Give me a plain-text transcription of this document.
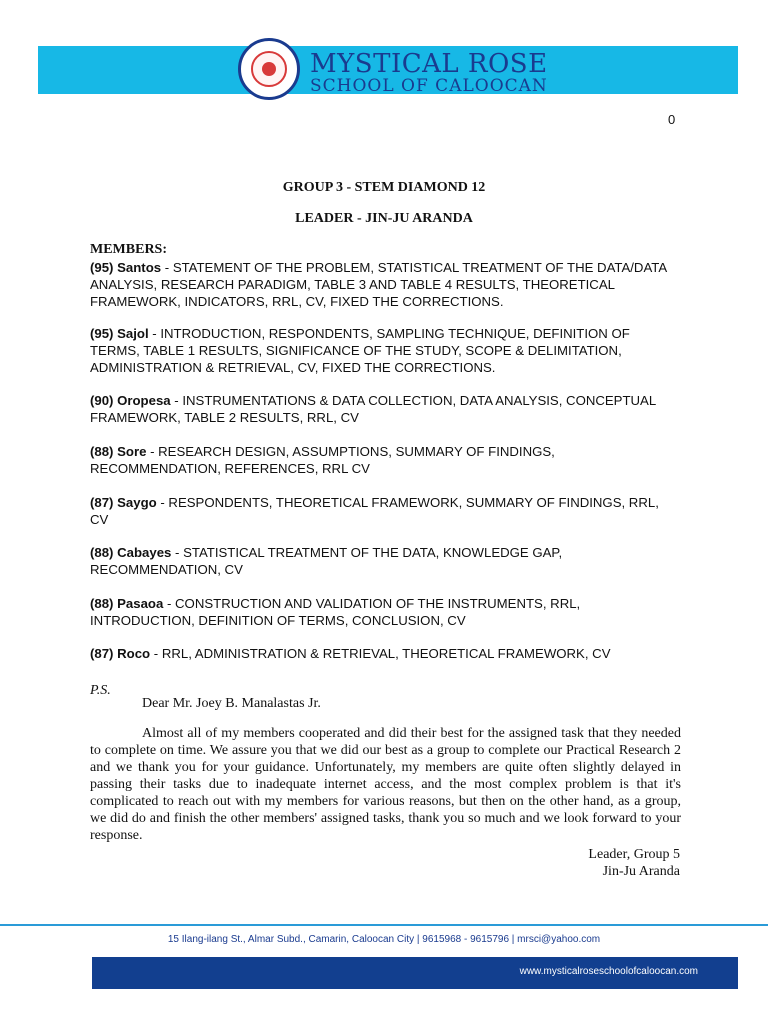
MYSTICAL ROSE
SCHOOL OF CALOOCAN
0
GROUP 3 - STEM DIAMOND 12
LEADER - JIN-JU ARANDA
MEMBERS:
(95) Santos - STATEMENT OF THE PROBLEM, STATISTICAL TREATMENT OF THE DATA/DATA ANALYSIS, RESEARCH PARADIGM, TABLE 3 AND TABLE 4 RESULTS, THEORETICAL FRAMEWORK, INDICATORS, RRL, CV, FIXED THE CORRECTIONS.
(95) Sajol - INTRODUCTION, RESPONDENTS, SAMPLING TECHNIQUE, DEFINITION OF TERMS, TABLE 1 RESULTS, SIGNIFICANCE OF THE STUDY, SCOPE & DELIMITATION, ADMINISTRATION & RETRIEVAL, CV, FIXED THE CORRECTIONS.
(90) Oropesa - INSTRUMENTATIONS & DATA COLLECTION, DATA ANALYSIS, CONCEPTUAL FRAMEWORK, TABLE 2 RESULTS, RRL, CV
(88) Sore - RESEARCH DESIGN, ASSUMPTIONS, SUMMARY OF FINDINGS, RECOMMENDATION, REFERENCES, RRL CV
(87) Saygo - RESPONDENTS, THEORETICAL FRAMEWORK, SUMMARY OF FINDINGS, RRL, CV
(88) Cabayes - STATISTICAL TREATMENT OF THE DATA, KNOWLEDGE GAP, RECOMMENDATION, CV
(88) Pasaoa - CONSTRUCTION AND VALIDATION OF THE INSTRUMENTS, RRL, INTRODUCTION, DEFINITION OF TERMS, CONCLUSION, CV
(87) Roco - RRL, ADMINISTRATION & RETRIEVAL, THEORETICAL FRAMEWORK, CV
P.S.
Dear Mr. Joey B. Manalastas Jr.
Almost all of my members cooperated and did their best for the assigned task that they needed to complete on time. We assure you that we did our best as a group to complete our Practical Research 2 and we thank you for your guidance. Unfortunately, my members are quite often slightly delayed in passing their tasks due to inadequate internet access, and the most complex problem is that it's complicated to reach out with my members for various reasons, but then on the other hand, as a group, we did do and finish the other members' assigned tasks, thank you so much and we look forward to your response.
Leader, Group 5
Jin-Ju Aranda
15 Ilang-ilang St., Almar Subd., Camarin, Caloocan City | 9615968 - 9615796 | mrsci@yahoo.com
www.mysticalroseschoolofcaloocan.com
